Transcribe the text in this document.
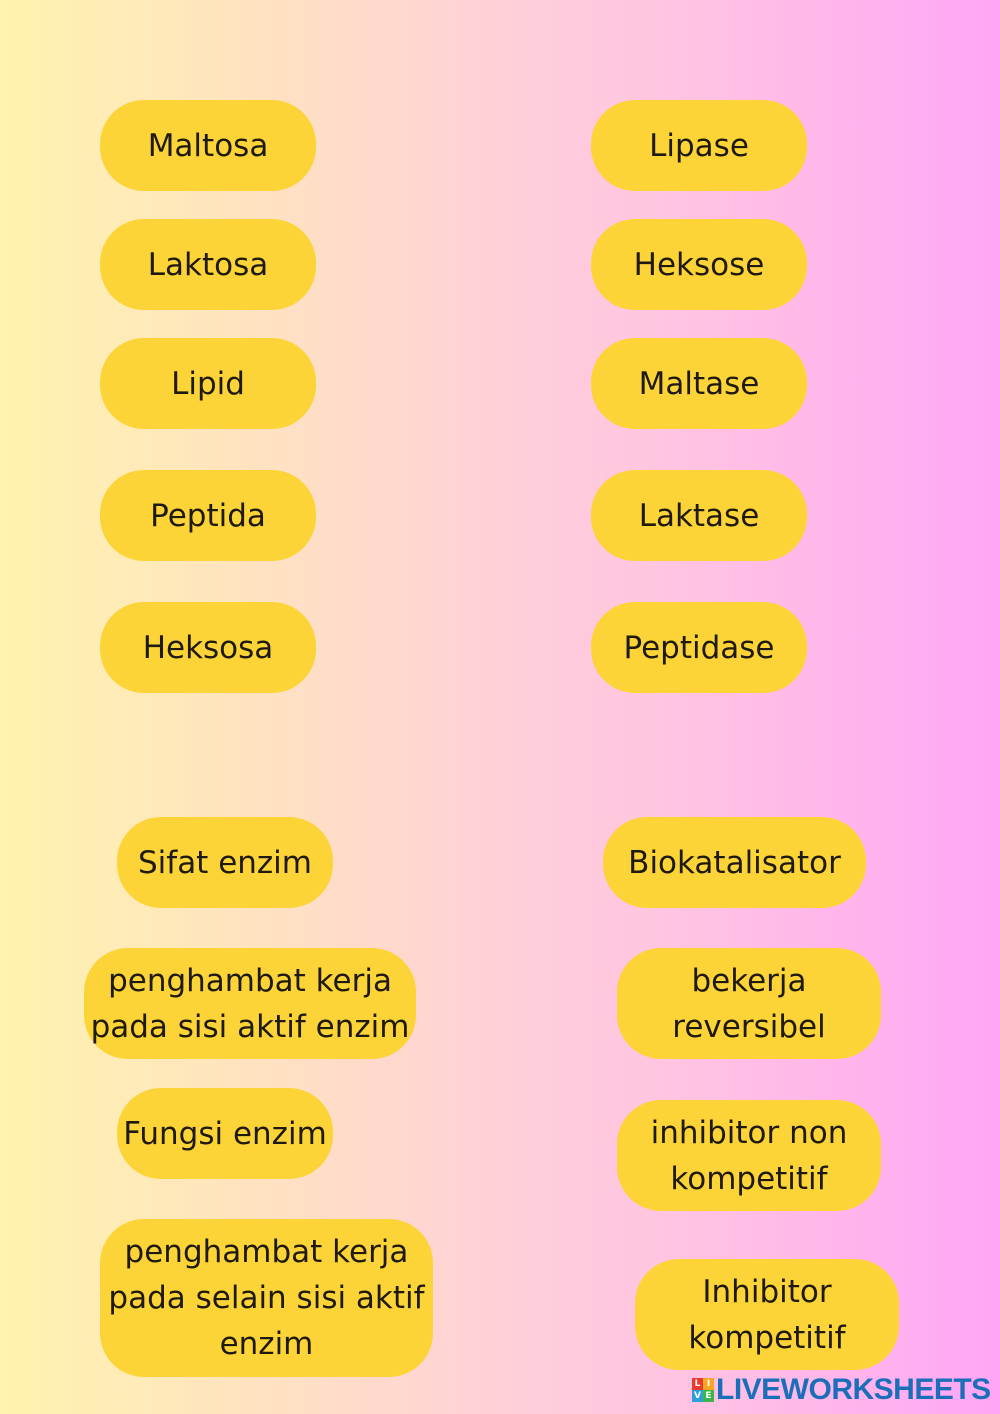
Maltosa
Laktosa
Lipid
Peptida
Heksosa
Lipase
Heksose
Maltase
Laktase
Peptidase
Sifat enzim
penghambat kerja
pada sisi aktif enzim
Fungsi enzim
penghambat kerja
pada selain sisi aktif
enzim
Biokatalisator
bekerja
reversibel
inhibitor non
kompetitif
Inhibitor
kompetitif
L I
V E LIVEWORKSHEETS
